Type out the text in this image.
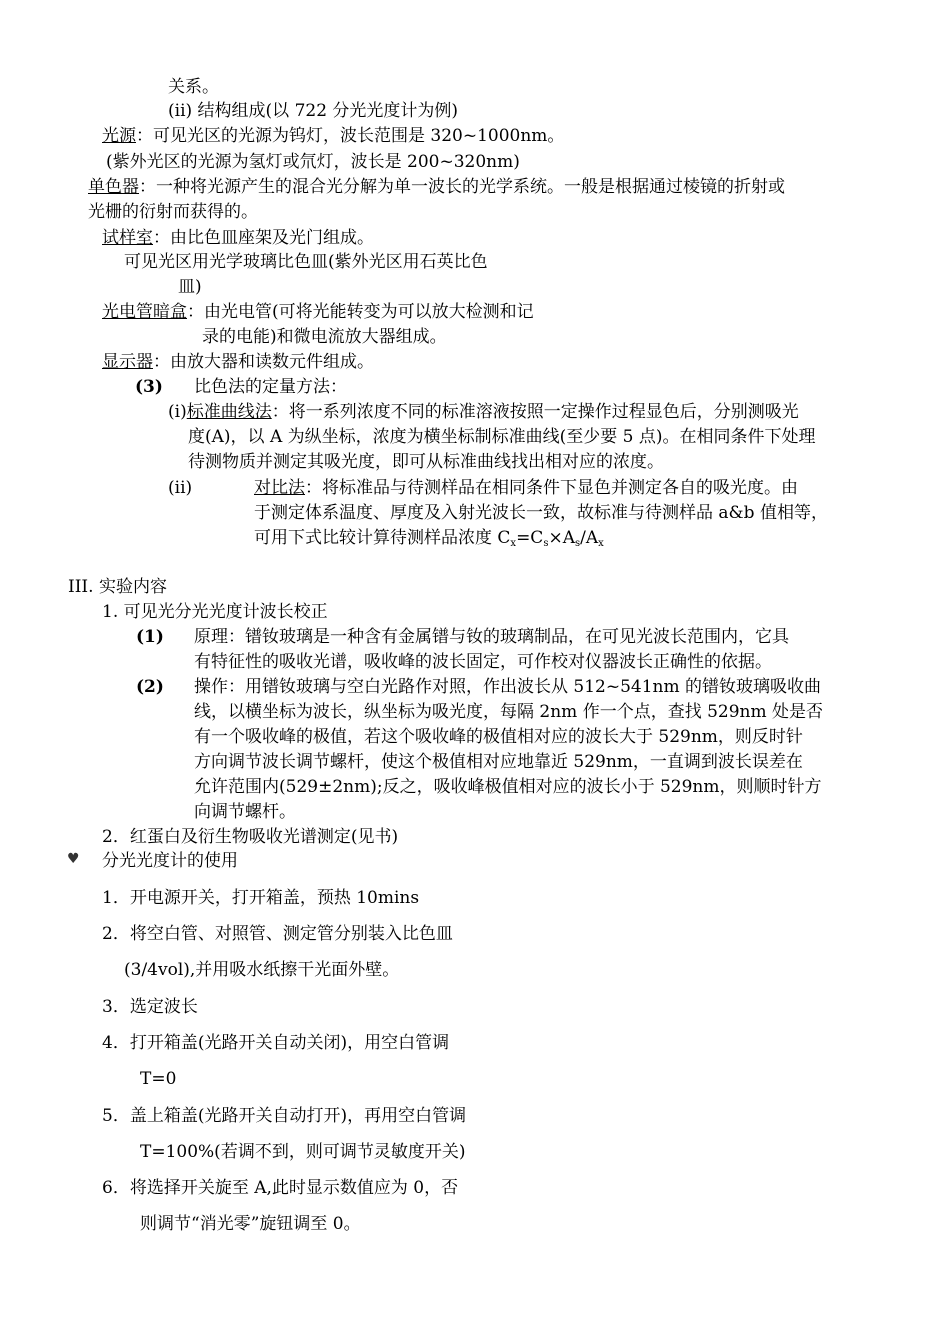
关系。
(ii) 结构组成(以 722 分光光度计为例)
光源：可见光区的光源为钨灯，波长范围是 320~1000nm。
(紫外光区的光源为氢灯或氘灯，波长是 200~320nm)
单色器：一种将光源产生的混合光分解为单一波长的光学系统。一般是根据通过棱镜的折射或
光栅的衍射而获得的。
试样室：由比色皿座架及光门组成。
可见光区用光学玻璃比色皿(紫外光区用石英比色
皿)
光电管暗盒：由光电管(可将光能转变为可以放大检测和记
录的电能)和微电流放大器组成。
显示器：由放大器和读数元件组成。
(3) 比色法的定量方法：
(i)标准曲线法：将一系列浓度不同的标准溶液按照一定操作过程显色后，分别测吸光
度(A)，以 A 为纵坐标，浓度为横坐标制标准曲线(至少要 5 点)。在相同条件下处理
待测物质并测定其吸光度，即可从标准曲线找出相对应的浓度。
(ii)	对比法：将标准品与待测样品在相同条件下显色并测定各自的吸光度。由
于测定体系温度、厚度及入射光波长一致，故标准与待测样品 a&b 值相等，
可用下式比较计算待测样品浓度 $C_x=C_s\times A_s/A_x$
III. 实验内容
1. 可见光分光光度计波长校正
(1) 原理：镨钕玻璃是一种含有金属镨与钕的玻璃制品，在可见光波长范围内，它具
有特征性的吸收光谱，吸收峰的波长固定，可作校对仪器波长正确性的依据。
(2) 操作：用镨钕玻璃与空白光路作对照，作出波长从 512~541nm 的镨钕玻璃吸收曲
线，以横坐标为波长，纵坐标为吸光度，每隔 2nm 作一个点，查找 529nm 处是否
有一个吸收峰的极值，若这个吸收峰的极值相对应的波长大于 529nm，则反时针
方向调节波长调节螺杆，使这个极值相对应地靠近 529nm，一直调到波长误差在
允许范围内(529±2nm);反之，吸收峰极值相对应的波长小于 529nm，则顺时针方
向调节螺杆。
2．红蛋白及衍生物吸收光谱测定(见书)
♥ 分光光度计的使用
1．开电源开关，打开箱盖，预热 10mins
2．将空白管、对照管、测定管分别装入比色皿
(3/4vol),并用吸水纸擦干光面外壁。
3．选定波长
4．打开箱盖(光路开关自动关闭)，用空白管调
T=0
5．盖上箱盖(光路开关自动打开)，再用空白管调
T=100%(若调不到，则可调节灵敏度开关)
6．将选择开关旋至 A,此时显示数值应为 0，否
则调节“消光零”旋钮调至 0。
